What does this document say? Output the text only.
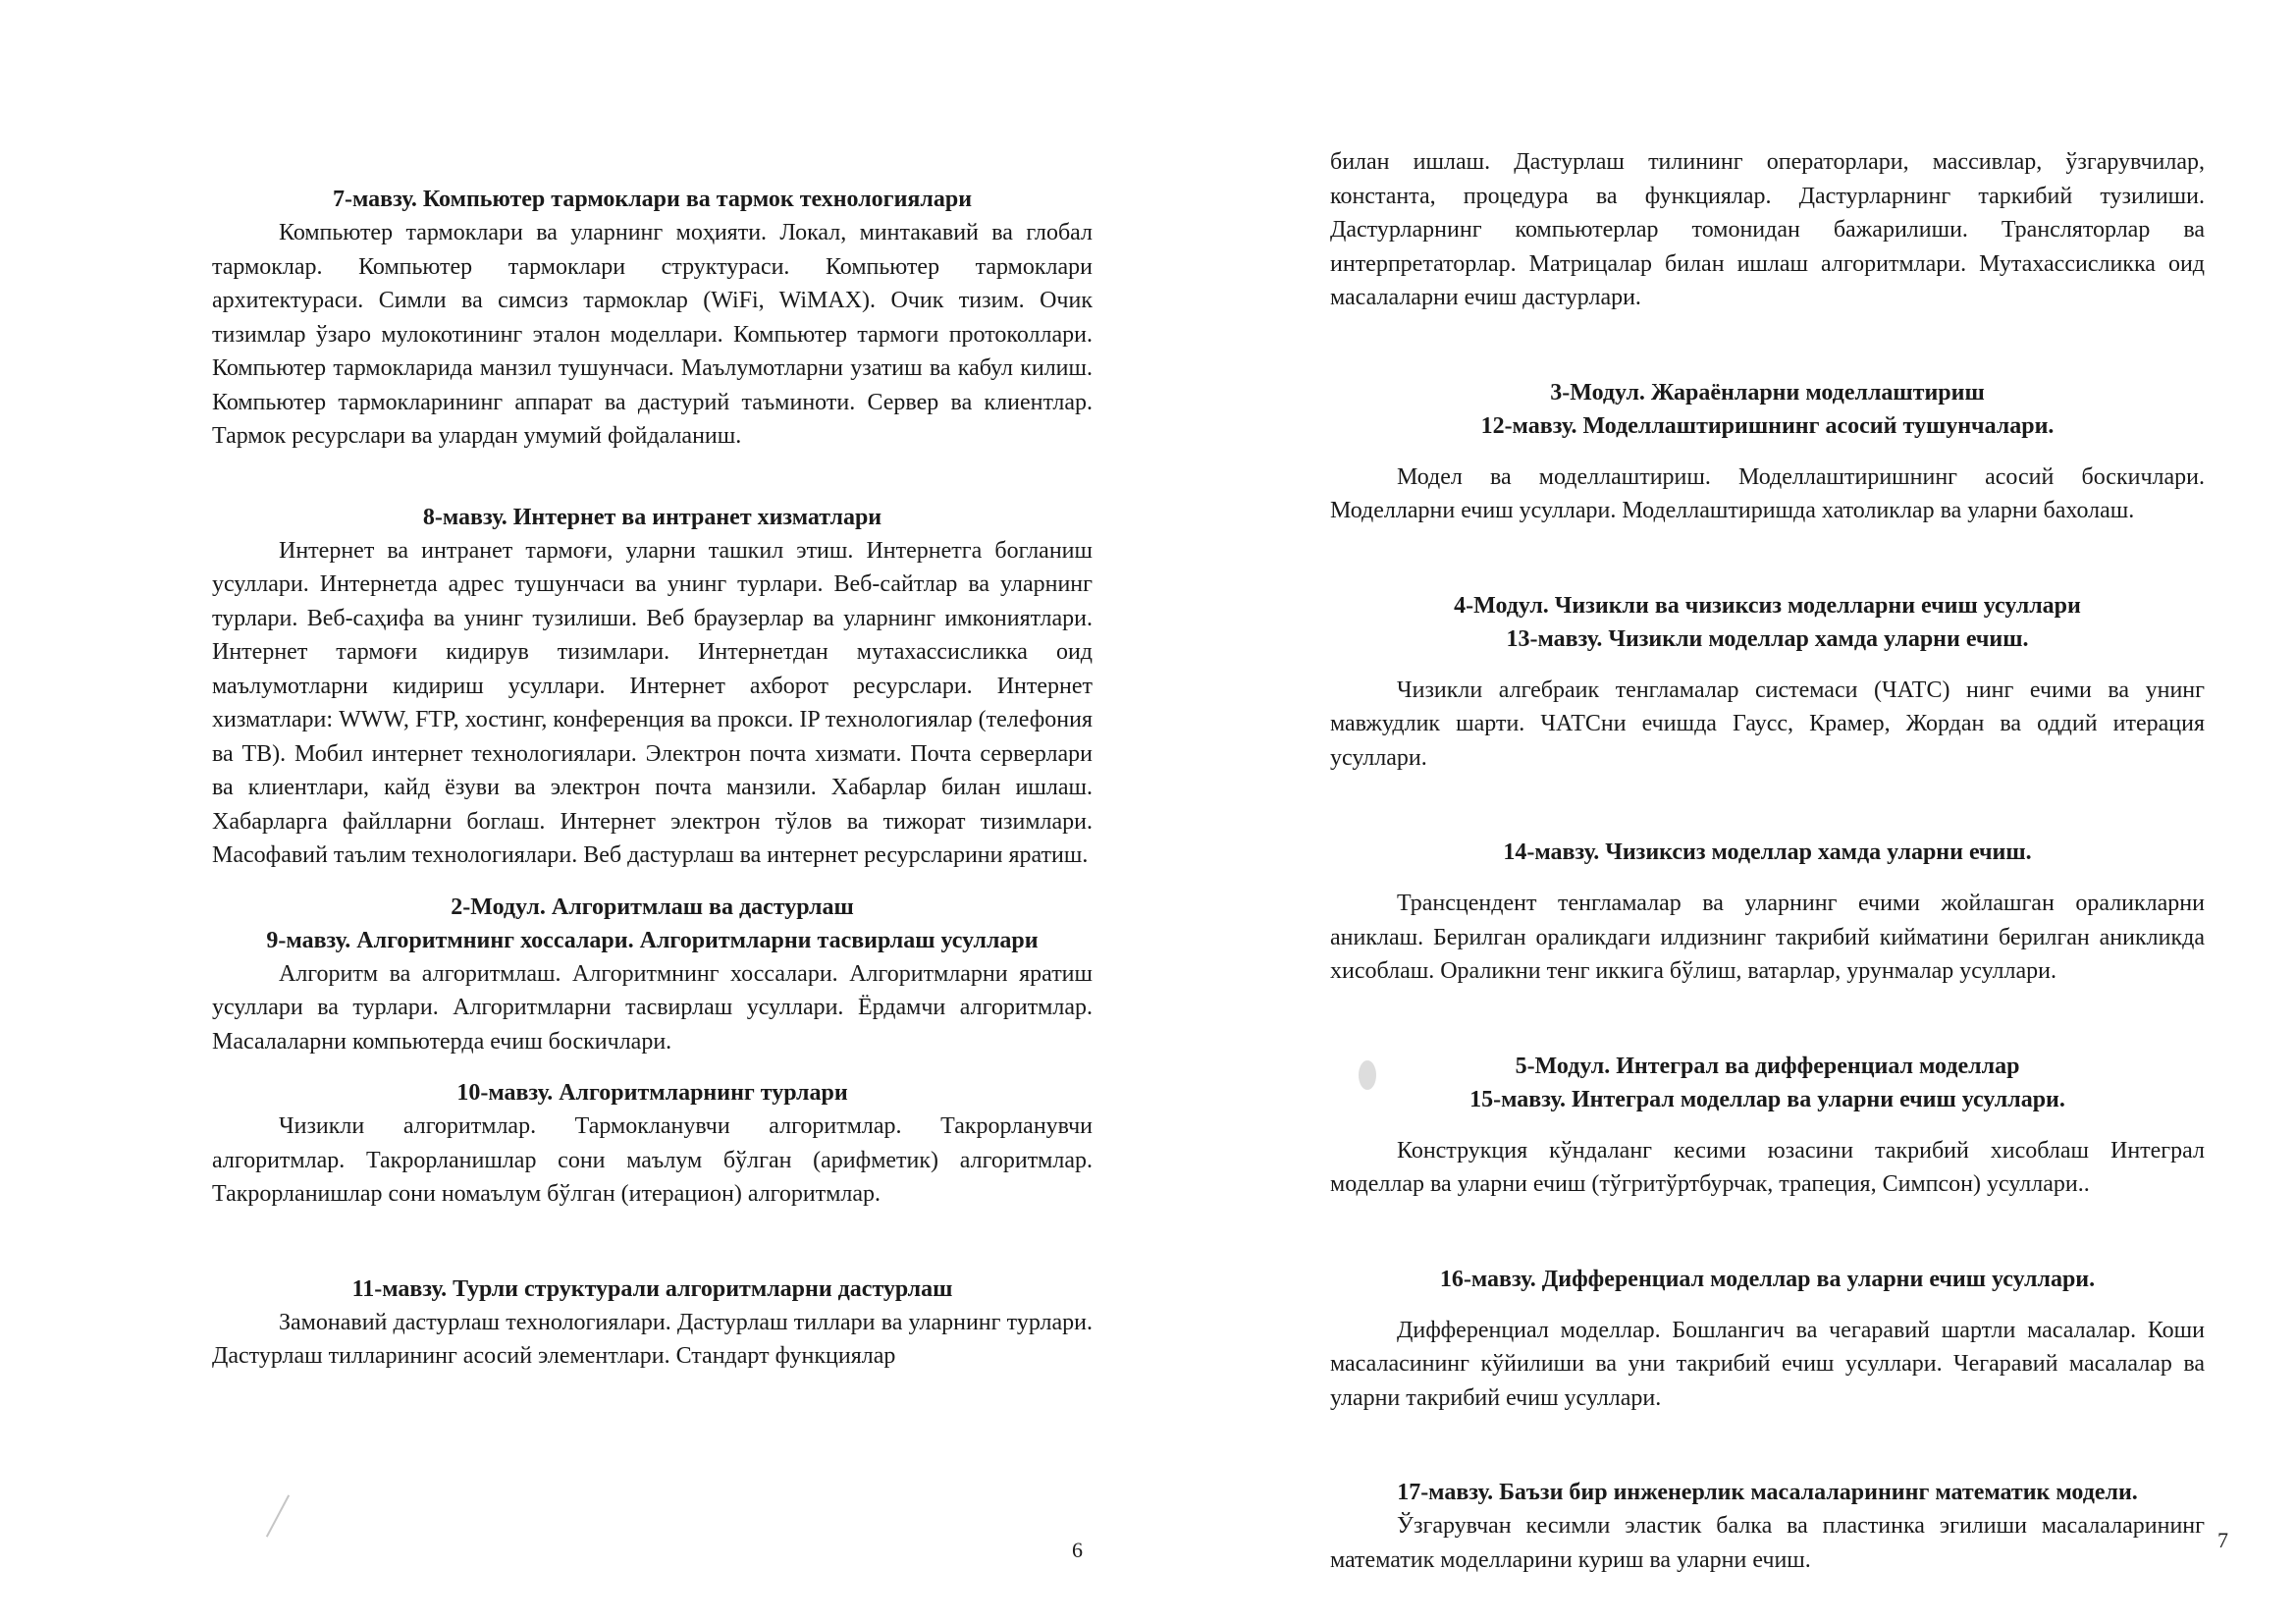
7-мавзу. Компьютер тармоклари ва тармок технологиялари
Компьютер тармоклари ва уларнинг моҳияти. Локал, минтакавий ва глобал тармоклар. Компьютер тармоклари структураси. Компьютер тармоклари архитектураси. Симли ва симсиз тармоклар (WiFi, WiMAX). Очик тизим. Очик тизимлар ўзаро мулокотининг эталон моделлари. Компьютер тармоги протоколлари. Компьютер тармокларида манзил тушунчаси. Маълумотларни узатиш ва кабул килиш. Компьютер тармокларининг аппарат ва дастурий таъминоти. Сервер ва клиентлар. Тармок ресурслари ва улардан умумий фойдаланиш.
8-мавзу. Интернет ва интранет хизматлари
Интернет ва интранет тармоғи, уларни ташкил этиш. Интернетга богланиш усуллари. Интернетда адрес тушунчаси ва унинг турлари. Веб-сайтлар ва уларнинг турлари. Веб-саҳифа ва унинг тузилиши. Веб браузерлар ва уларнинг имкониятлари. Интернет тармоғи кидирув тизимлари. Интернетдан мутахассисликка оид маълумотларни кидириш усуллари. Интернет ахборот ресурслари. Интернет хизматлари: WWW, FTP, хостинг, конференция ва прокси. IP технологиялар (телефония ва ТВ). Мобил интернет технологиялари. Электрон почта хизмати. Почта серверлари ва клиентлари, кайд ёзуви ва электрон почта манзили. Хабарлар билан ишлаш. Хабарларга файлларни боглаш. Интернет электрон тўлов ва тижорат тизимлари. Масофавий таълим технологиялари. Веб дастурлаш ва интернет ресурсларини яратиш.
2-Модул. Алгоритмлаш ва дастурлаш
9-мавзу. Алгоритмнинг хоссалари. Алгоритмларни тасвирлаш усуллари
Алгоритм ва алгоритмлаш. Алгоритмнинг хоссалари. Алгоритмларни яратиш усуллари ва турлари. Алгоритмларни тасвирлаш усуллари. Ёрдамчи алгоритмлар. Масалаларни компьютерда ечиш боскичлари.
10-мавзу. Алгоритмларнинг турлари
Чизикли алгоритмлар. Тармокланувчи алгоритмлар. Такрорланувчи алгоритмлар. Такрорланишлар сони маълум бўлган (арифметик) алгоритмлар. Такрорланишлар сони номаълум бўлган (итерацион) алгоритмлар.
11-мавзу. Турли структурали алгоритмларни дастурлаш
Замонавий дастурлаш технологиялари. Дастурлаш тиллари ва уларнинг турлари. Дастурлаш тилларининг асосий элементлари. Стандарт функциялар
6
билан ишлаш. Дастурлаш тилининг операторлари, массивлар, ўзгарувчилар, константа, процедура ва функциялар. Дастурларнинг таркибий тузилиши. Дастурларнинг компьютерлар томонидан бажарилиши. Трансляторлар ва интерпретаторлар. Матрицалар билан ишлаш алгоритмлари. Мутахассисликка оид масалаларни ечиш дастурлари.
3-Модул. Жараёнларни моделлаштириш
12-мавзу. Моделлаштиришнинг асосий тушунчалари.
Модел ва моделлаштириш. Моделлаштиришнинг асосий боскичлари. Моделларни ечиш усуллари. Моделлаштиришда хатоликлар ва уларни бахолаш.
4-Модул. Чизикли ва чизиксиз моделларни ечиш усуллари
13-мавзу. Чизикли моделлар хамда уларни ечиш.
Чизикли алгебраик тенгламалар системаси (ЧАТС) нинг ечими ва унинг мавжудлик шарти. ЧАТСни ечишда Гаусс, Крамер, Жордан ва оддий итерация усуллари.
14-мавзу. Чизиксиз моделлар хамда уларни ечиш.
Трансцендент тенгламалар ва уларнинг ечими жойлашган ораликларни аниклаш. Берилган ораликдаги илдизнинг такрибий кийматини берилган аникликда хисоблаш. Ораликни тенг иккига бўлиш, ватарлар, урунмалар усуллари.
5-Модул. Интеграл ва дифференциал моделлар
15-мавзу. Интеграл моделлар ва уларни ечиш усуллари.
Конструкция кўндаланг кесими юзасини такрибий хисоблаш Интеграл моделлар ва уларни ечиш (тўгритўртбурчак, трапеция, Симпсон) усуллари..
16-мавзу. Дифференциал моделлар ва уларни ечиш усуллари.
Дифференциал моделлар. Бошлангич ва чегаравий шартли масалалар. Коши масаласининг кўйилиши ва уни такрибий ечиш усуллари. Чегаравий масалалар ва уларни такрибий ечиш усуллари.
17-мавзу. Баъзи бир инженерлик масалаларининг математик модели.
Ўзгарувчан кесимли эластик балка ва пластинка эгилиши масалаларининг математик моделларини куриш ва уларни ечиш.
7
